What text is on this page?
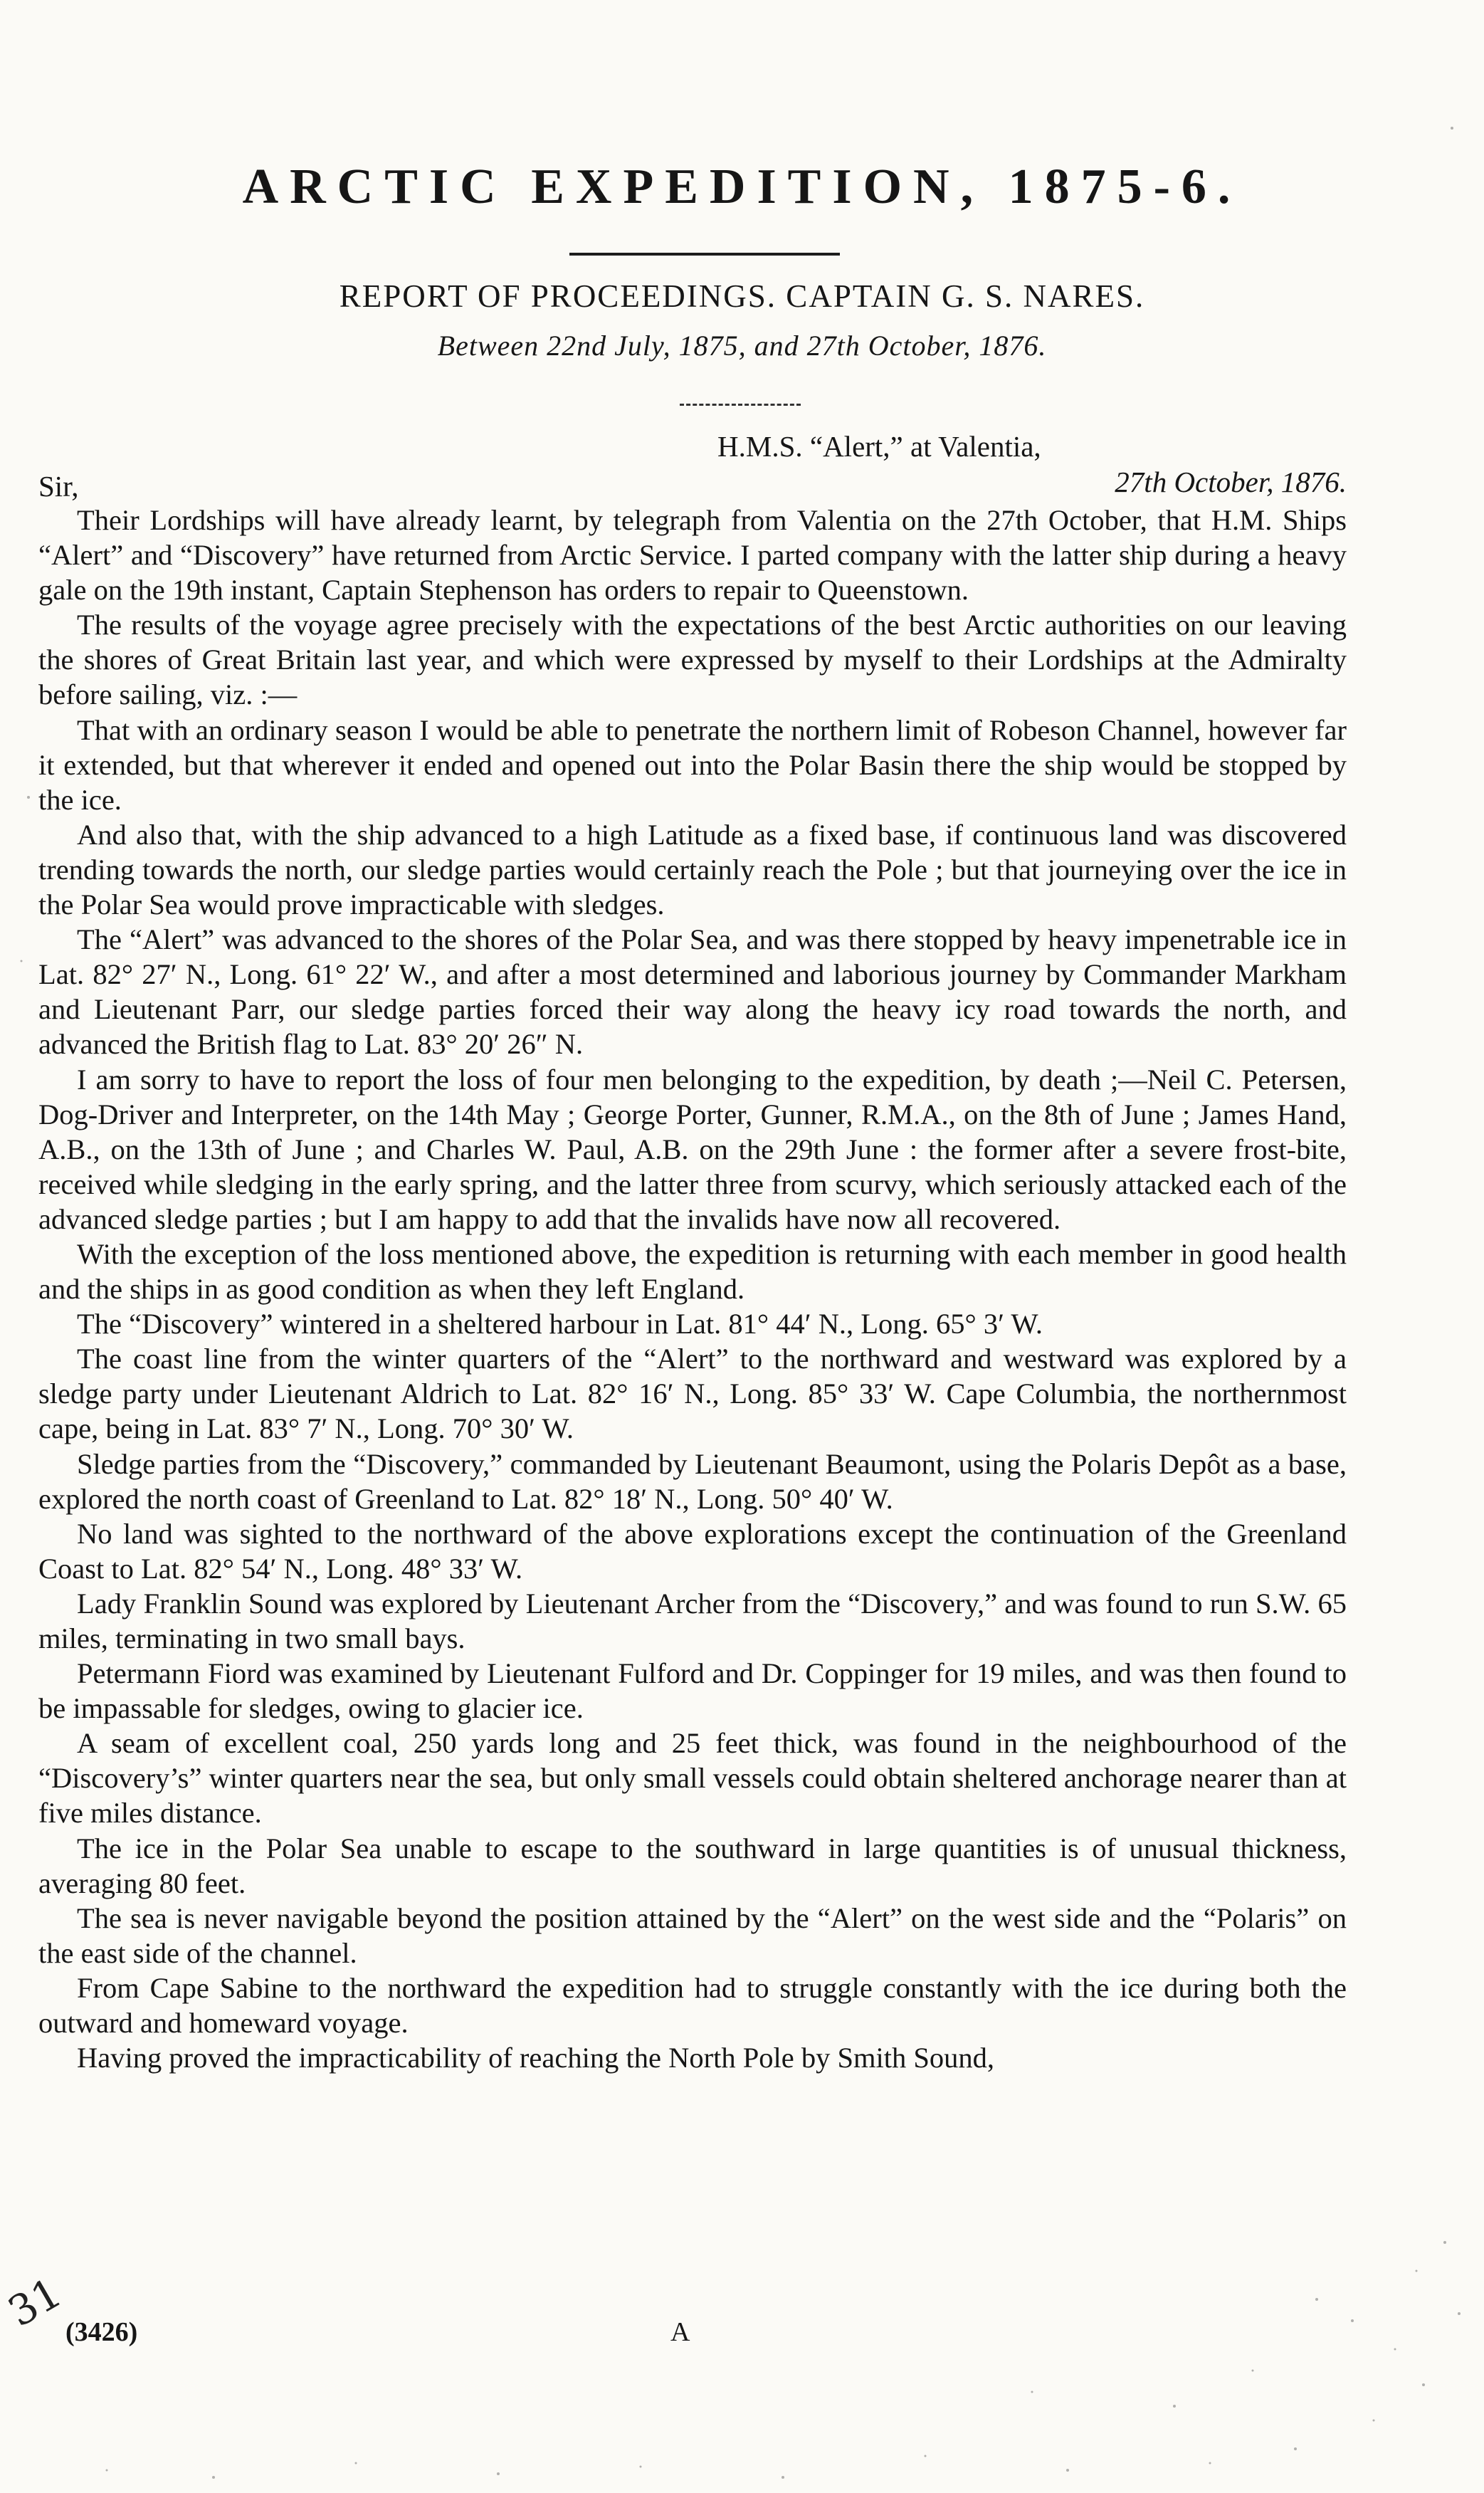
ARCTIC EXPEDITION, 1875-6.
REPORT OF PROCEEDINGS. CAPTAIN G. S. NARES.
Between 22nd July, 1875, and 27th October, 1876.
H.M.S. “Alert,” at Valentia,
Sir,	27th October, 1876.

Their Lordships will have already learnt, by telegraph from Valentia on the 27th October, that H.M. Ships “Alert” and “Discovery” have returned from Arctic Service. I parted company with the latter ship during a heavy gale on the 19th instant, Captain Stephenson has orders to repair to Queenstown.

The results of the voyage agree precisely with the expectations of the best Arctic authorities on our leaving the shores of Great Britain last year, and which were expressed by myself to their Lordships at the Admiralty before sailing, viz. :—

That with an ordinary season I would be able to penetrate the northern limit of Robeson Channel, however far it extended, but that wherever it ended and opened out into the Polar Basin there the ship would be stopped by the ice.

And also that, with the ship advanced to a high Latitude as a fixed base, if continuous land was discovered trending towards the north, our sledge parties would certainly reach the Pole ; but that journeying over the ice in the Polar Sea would prove impracticable with sledges.

The “Alert” was advanced to the shores of the Polar Sea, and was there stopped by heavy impenetrable ice in Lat. 82° 27′ N., Long. 61° 22′ W., and after a most determined and laborious journey by Commander Markham and Lieutenant Parr, our sledge parties forced their way along the heavy icy road towards the north, and advanced the British flag to Lat. 83° 20′ 26″ N.

I am sorry to have to report the loss of four men belonging to the expedition, by death ;—Neil C. Petersen, Dog-Driver and Interpreter, on the 14th May ; George Porter, Gunner, R.M.A., on the 8th of June ; James Hand, A.B., on the 13th of June ; and Charles W. Paul, A.B. on the 29th June : the former after a severe frost-bite, received while sledging in the early spring, and the latter three from scurvy, which seriously attacked each of the advanced sledge parties ; but I am happy to add that the invalids have now all recovered.

With the exception of the loss mentioned above, the expedition is returning with each member in good health and the ships in as good condition as when they left England.

The “Discovery” wintered in a sheltered harbour in Lat. 81° 44′ N., Long. 65° 3′ W.

The coast line from the winter quarters of the “Alert” to the northward and westward was explored by a sledge party under Lieutenant Aldrich to Lat. 82° 16′ N., Long. 85° 33′ W. Cape Columbia, the northernmost cape, being in Lat. 83° 7′ N., Long. 70° 30′ W.

Sledge parties from the “Discovery,” commanded by Lieutenant Beaumont, using the Polaris Depôt as a base, explored the north coast of Greenland to Lat. 82° 18′ N., Long. 50° 40′ W.

No land was sighted to the northward of the above explorations except the continuation of the Greenland Coast to Lat. 82° 54′ N., Long. 48° 33′ W.

Lady Franklin Sound was explored by Lieutenant Archer from the “Discovery,” and was found to run S.W. 65 miles, terminating in two small bays.

Petermann Fiord was examined by Lieutenant Fulford and Dr. Coppinger for 19 miles, and was then found to be impassable for sledges, owing to glacier ice.

A seam of excellent coal, 250 yards long and 25 feet thick, was found in the neighbourhood of the “Discovery’s” winter quarters near the sea, but only small vessels could obtain sheltered anchorage nearer than at five miles distance.

The ice in the Polar Sea unable to escape to the southward in large quantities is of unusual thickness, averaging 80 feet.

The sea is never navigable beyond the position attained by the “Alert” on the west side and the “Polaris” on the east side of the channel.

From Cape Sabine to the northward the expedition had to struggle constantly with the ice during both the outward and homeward voyage.

Having proved the impracticability of reaching the North Pole by Smith Sound,

31
(3426)	A
